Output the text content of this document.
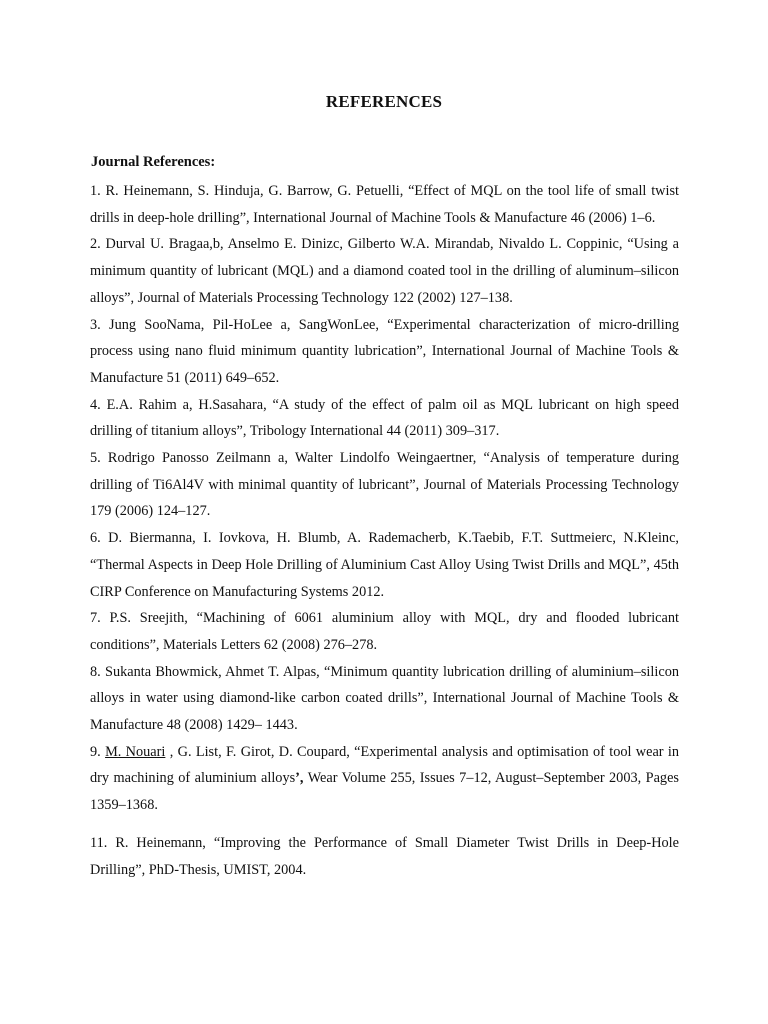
REFERENCES
Journal References:

1. R. Heinemann, S. Hinduja, G. Barrow, G. Petuelli, “Effect of MQL on the tool life of small twist drills in deep-hole drilling”, International Journal of Machine Tools & Manufacture 46 (2006) 1–6.

2. Durval U. Bragaa,b, Anselmo E. Dinizc, Gilberto W.A. Mirandab, Nivaldo L. Coppinic, “Using a minimum quantity of lubricant (MQL) and a diamond coated tool in the drilling of aluminum–silicon alloys”, Journal of Materials Processing Technology 122 (2002) 127–138.

3. Jung SooNama, Pil-HoLee a, SangWonLee, “Experimental characterization of micro-drilling process using nano fluid minimum quantity lubrication”, International Journal of Machine Tools & Manufacture 51 (2011) 649–652.

4. E.A. Rahim a, H.Sasahara, “A study of the effect of palm oil as MQL lubricant on high speed drilling of titanium alloys”, Tribology International 44 (2011) 309–317.

5. Rodrigo Panosso Zeilmann a, Walter Lindolfo Weingaertner, “Analysis of temperature during drilling of Ti6Al4V with minimal quantity of lubricant”, Journal of Materials Processing Technology 179 (2006) 124–127.

6. D. Biermanna, I. Iovkova, H. Blumb, A. Rademacherb, K.Taebib, F.T. Suttmeierc, N.Kleinc, “Thermal Aspects in Deep Hole Drilling of Aluminium Cast Alloy Using Twist Drills and MQL”, 45th CIRP Conference on Manufacturing Systems 2012.

7. P.S. Sreejith, “Machining of 6061 aluminium alloy with MQL, dry and flooded lubricant conditions”, Materials Letters 62 (2008) 276–278.

8. Sukanta Bhowmick, Ahmet T. Alpas, “Minimum quantity lubrication drilling of aluminium–silicon alloys in water using diamond-like carbon coated drills”, International Journal of Machine Tools & Manufacture 48 (2008) 1429– 1443.

9. M. Nouari , G. List, F. Girot, D. Coupard, “Experimental analysis and optimisation of tool wear in dry machining of aluminium alloys’, Wear Volume 255, Issues 7–12, August–September 2003, Pages 1359–1368.

11. R. Heinemann, “Improving the Performance of Small Diameter Twist Drills in Deep-Hole Drilling”, PhD-Thesis, UMIST, 2004.
